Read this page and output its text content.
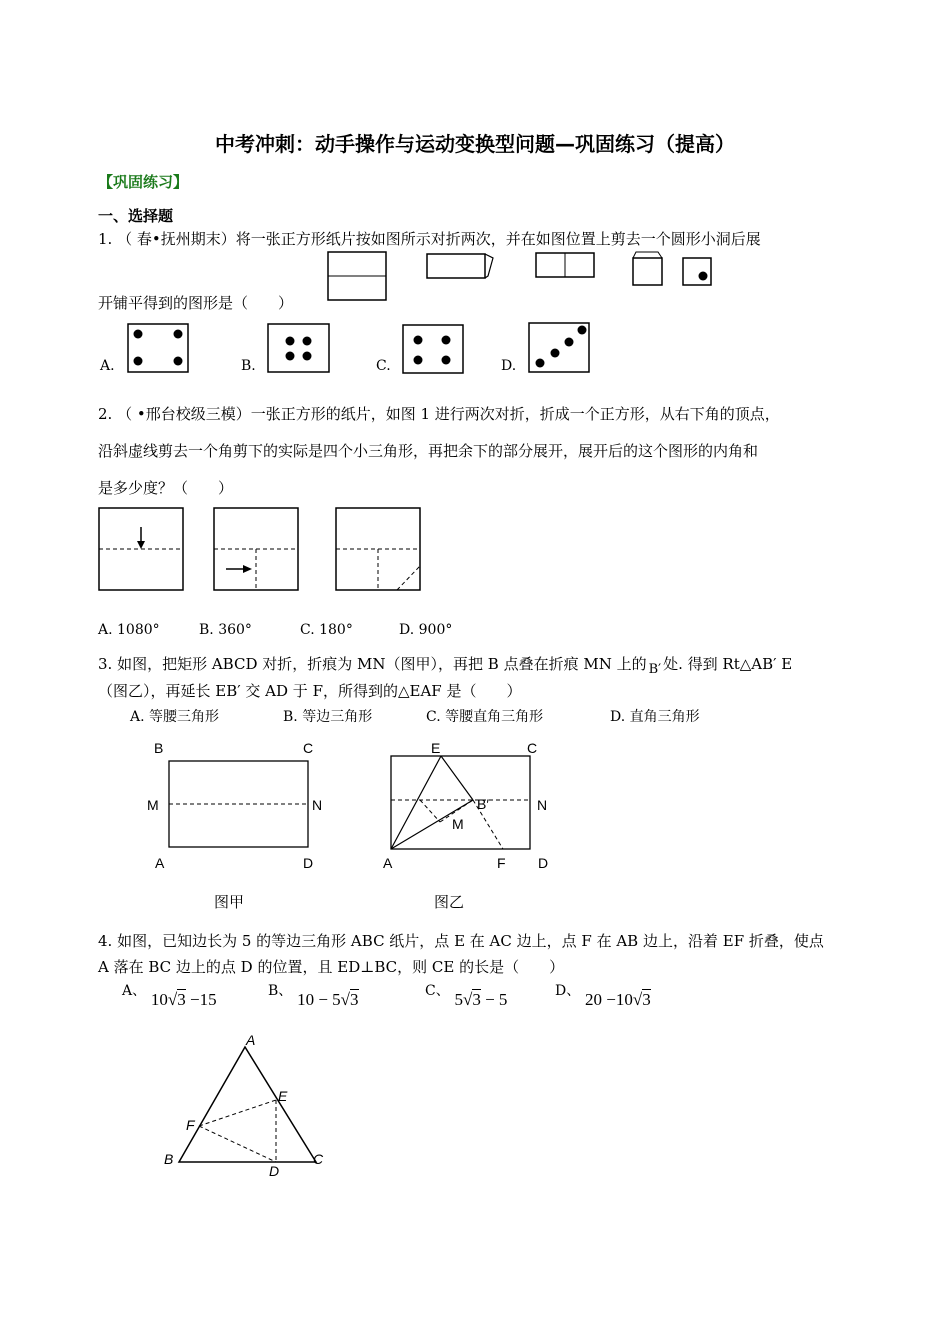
中考冲刺：动手操作与运动变换型问题—巩固练习（提高）
【巩固练习】
一、选择题
1. （ 春•抚州期末）将一张正方形纸片按如图所示对折两次，并在如图位置上剪去一个圆形小洞后展
开铺平得到的图形是（　　）
A.	B.	C.	D.
2. （ •邢台校级三模）一张正方形的纸片，如图 1 进行两次对折，折成一个正方形，从右下角的顶点，
沿斜虚线剪去一个角剪下的实际是四个小三角形，再把余下的部分展开，展开后的这个图形的内角和
是多少度？（　　）
A. 1080°	B. 360°	C. 180°	D. 900°
3. 如图，把矩形 ABCD 对折，折痕为 MN（图甲），再把 B 点叠在折痕 MN 上的 B′ 处. 得到 Rt△AB′ E
（图乙），再延长 EB′ 交 AD 于 F，所得到的△EAF 是（　　）
A. 等腰三角形	B. 等边三角形	C. 等腰直角三角形	D. 直角三角形
B	C
M	N
A	D
图甲
E	C
B′	N
M
A	F D
图乙
4. 如图，已知边长为 5 的等边三角形 ABC 纸片，点 E 在 AC 边上，点 F 在 AB 边上，沿着 EF 折叠，使点
A 落在 BC 边上的点 D 的位置，且 ED⊥BC，则 CE 的长是（　　）
A、 10√3 −15	B、 10 − 5√3	C、 5√3 − 5	D、 20 −10√3
A
E
F
B
D
C
